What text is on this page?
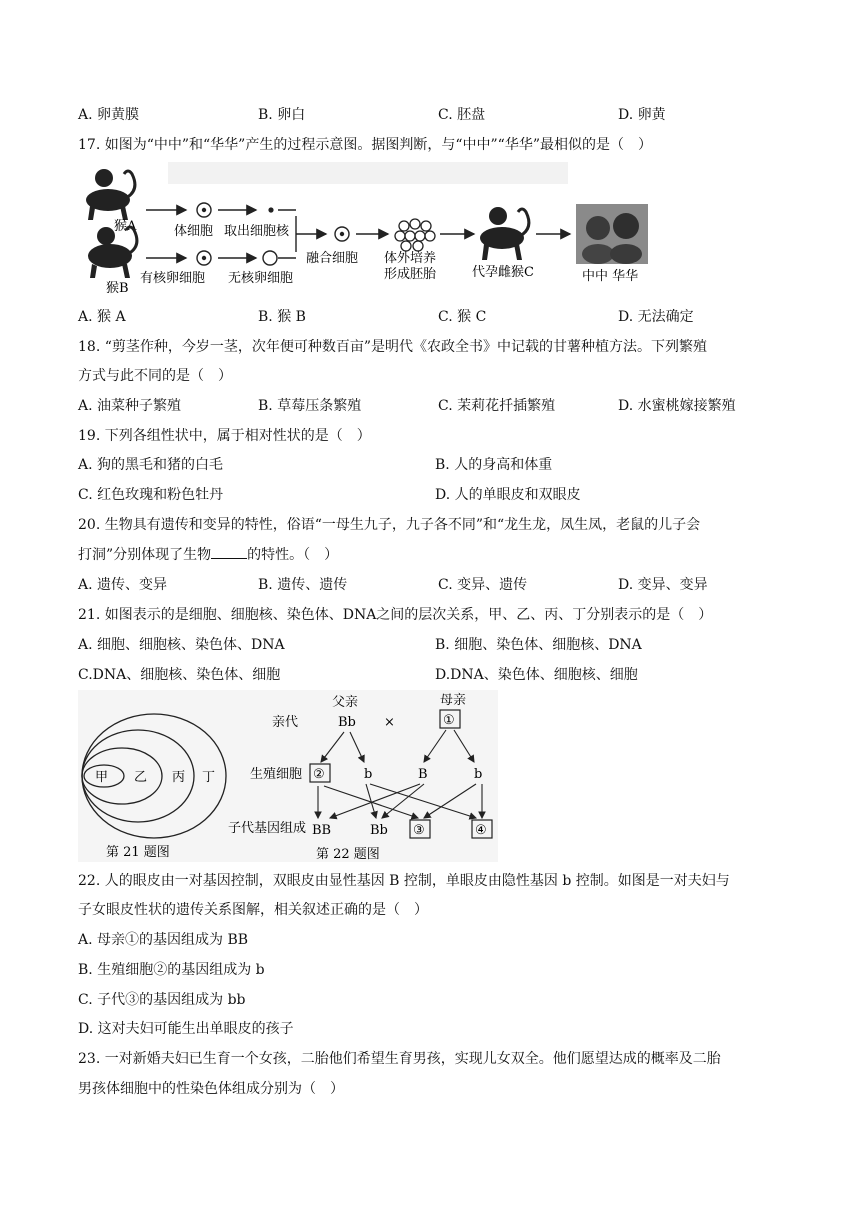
A. 卵黄膜	B. 卵白	C. 胚盘	D. 卵黄
17. 如图为“中中”和“华华”产生的过程示意图。据图判断，与“中中”“华华”最相似的是（　）
猴A
猴B
体细胞 取出细胞核
有核卵细胞 无核卵细胞
融合细胞 体外培养
形成胚胎	代孕雌猴C	中中 华华
A. 猴 A	B. 猴 B	C. 猴 C	D. 无法确定
18. “剪茎作种，今岁一茎，次年便可种数百亩”是明代《农政全书》中记载的甘薯种植方法。下列繁殖
方式与此不同的是（　）
A. 油菜种子繁殖	B. 草莓压条繁殖	C. 茉莉花扦插繁殖	D. 水蜜桃嫁接繁殖
19. 下列各组性状中，属于相对性状的是（　）
A. 狗的黑毛和猪的白毛	B. 人的身高和体重
C. 红色玫瑰和粉色牡丹	D. 人的单眼皮和双眼皮
20. 生物具有遗传和变异的特性，俗语“一母生九子，九子各不同”和“龙生龙，凤生凤，老鼠的儿子会
打洞”分别体现了生物	的特性。（　）
A. 遗传、变异	B. 遗传、遗传	C. 变异、遗传	D. 变异、变异
21. 如图表示的是细胞、细胞核、染色体、DNA之间的层次关系，甲、乙、丙、丁分别表示的是（　）
A. 细胞、细胞核、染色体、DNA	B. 细胞、染色体、细胞核、DNA
C.DNA、细胞核、染色体、细胞	D.DNA、染色体、细胞核、细胞
甲 乙 丙 丁
第 21 题图
父亲	母亲
亲代	Bb ×	①
生殖细胞 ②	b	B	b
子代基因组成 BB	Bb ③	④
第 22 题图
22. 人的眼皮由一对基因控制，双眼皮由显性基因 B 控制，单眼皮由隐性基因 b 控制。如图是一对夫妇与
子女眼皮性状的遗传关系图解，相关叙述正确的是（　）
A. 母亲①的基因组成为 BB
B. 生殖细胞②的基因组成为 b
C. 子代③的基因组成为 bb
D. 这对夫妇可能生出单眼皮的孩子
23. 一对新婚夫妇已生育一个女孩，二胎他们希望生育男孩，实现儿女双全。他们愿望达成的概率及二胎
男孩体细胞中的性染色体组成分别为（　）
